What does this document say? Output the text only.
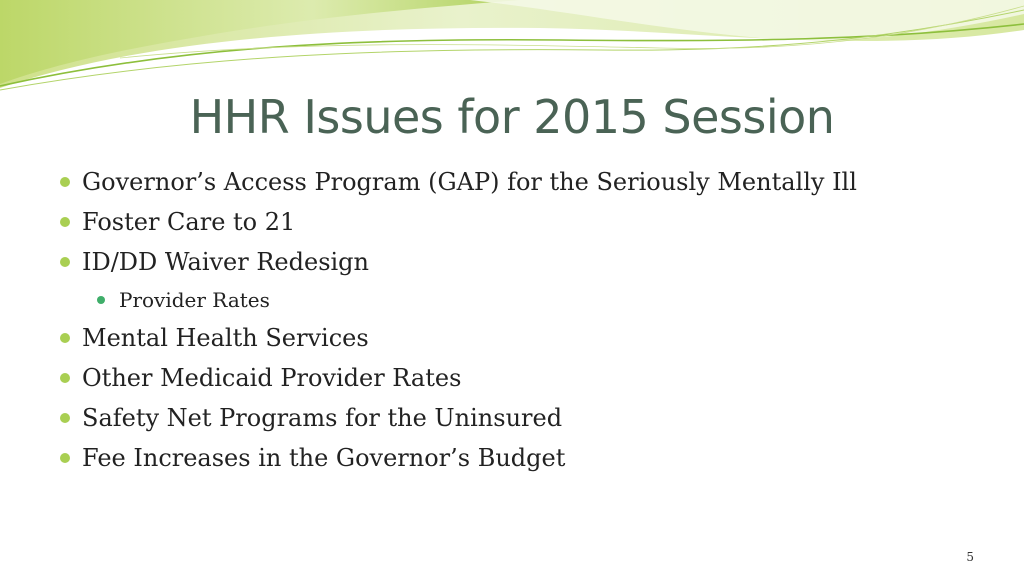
HHR Issues for 2015 Session
Governor’s Access Program (GAP) for the Seriously Mentally Ill
Foster Care to 21
ID/DD Waiver Redesign
Provider Rates
Mental Health Services
Other Medicaid Provider Rates
Safety Net Programs for the Uninsured
Fee Increases in the Governor’s Budget
5
